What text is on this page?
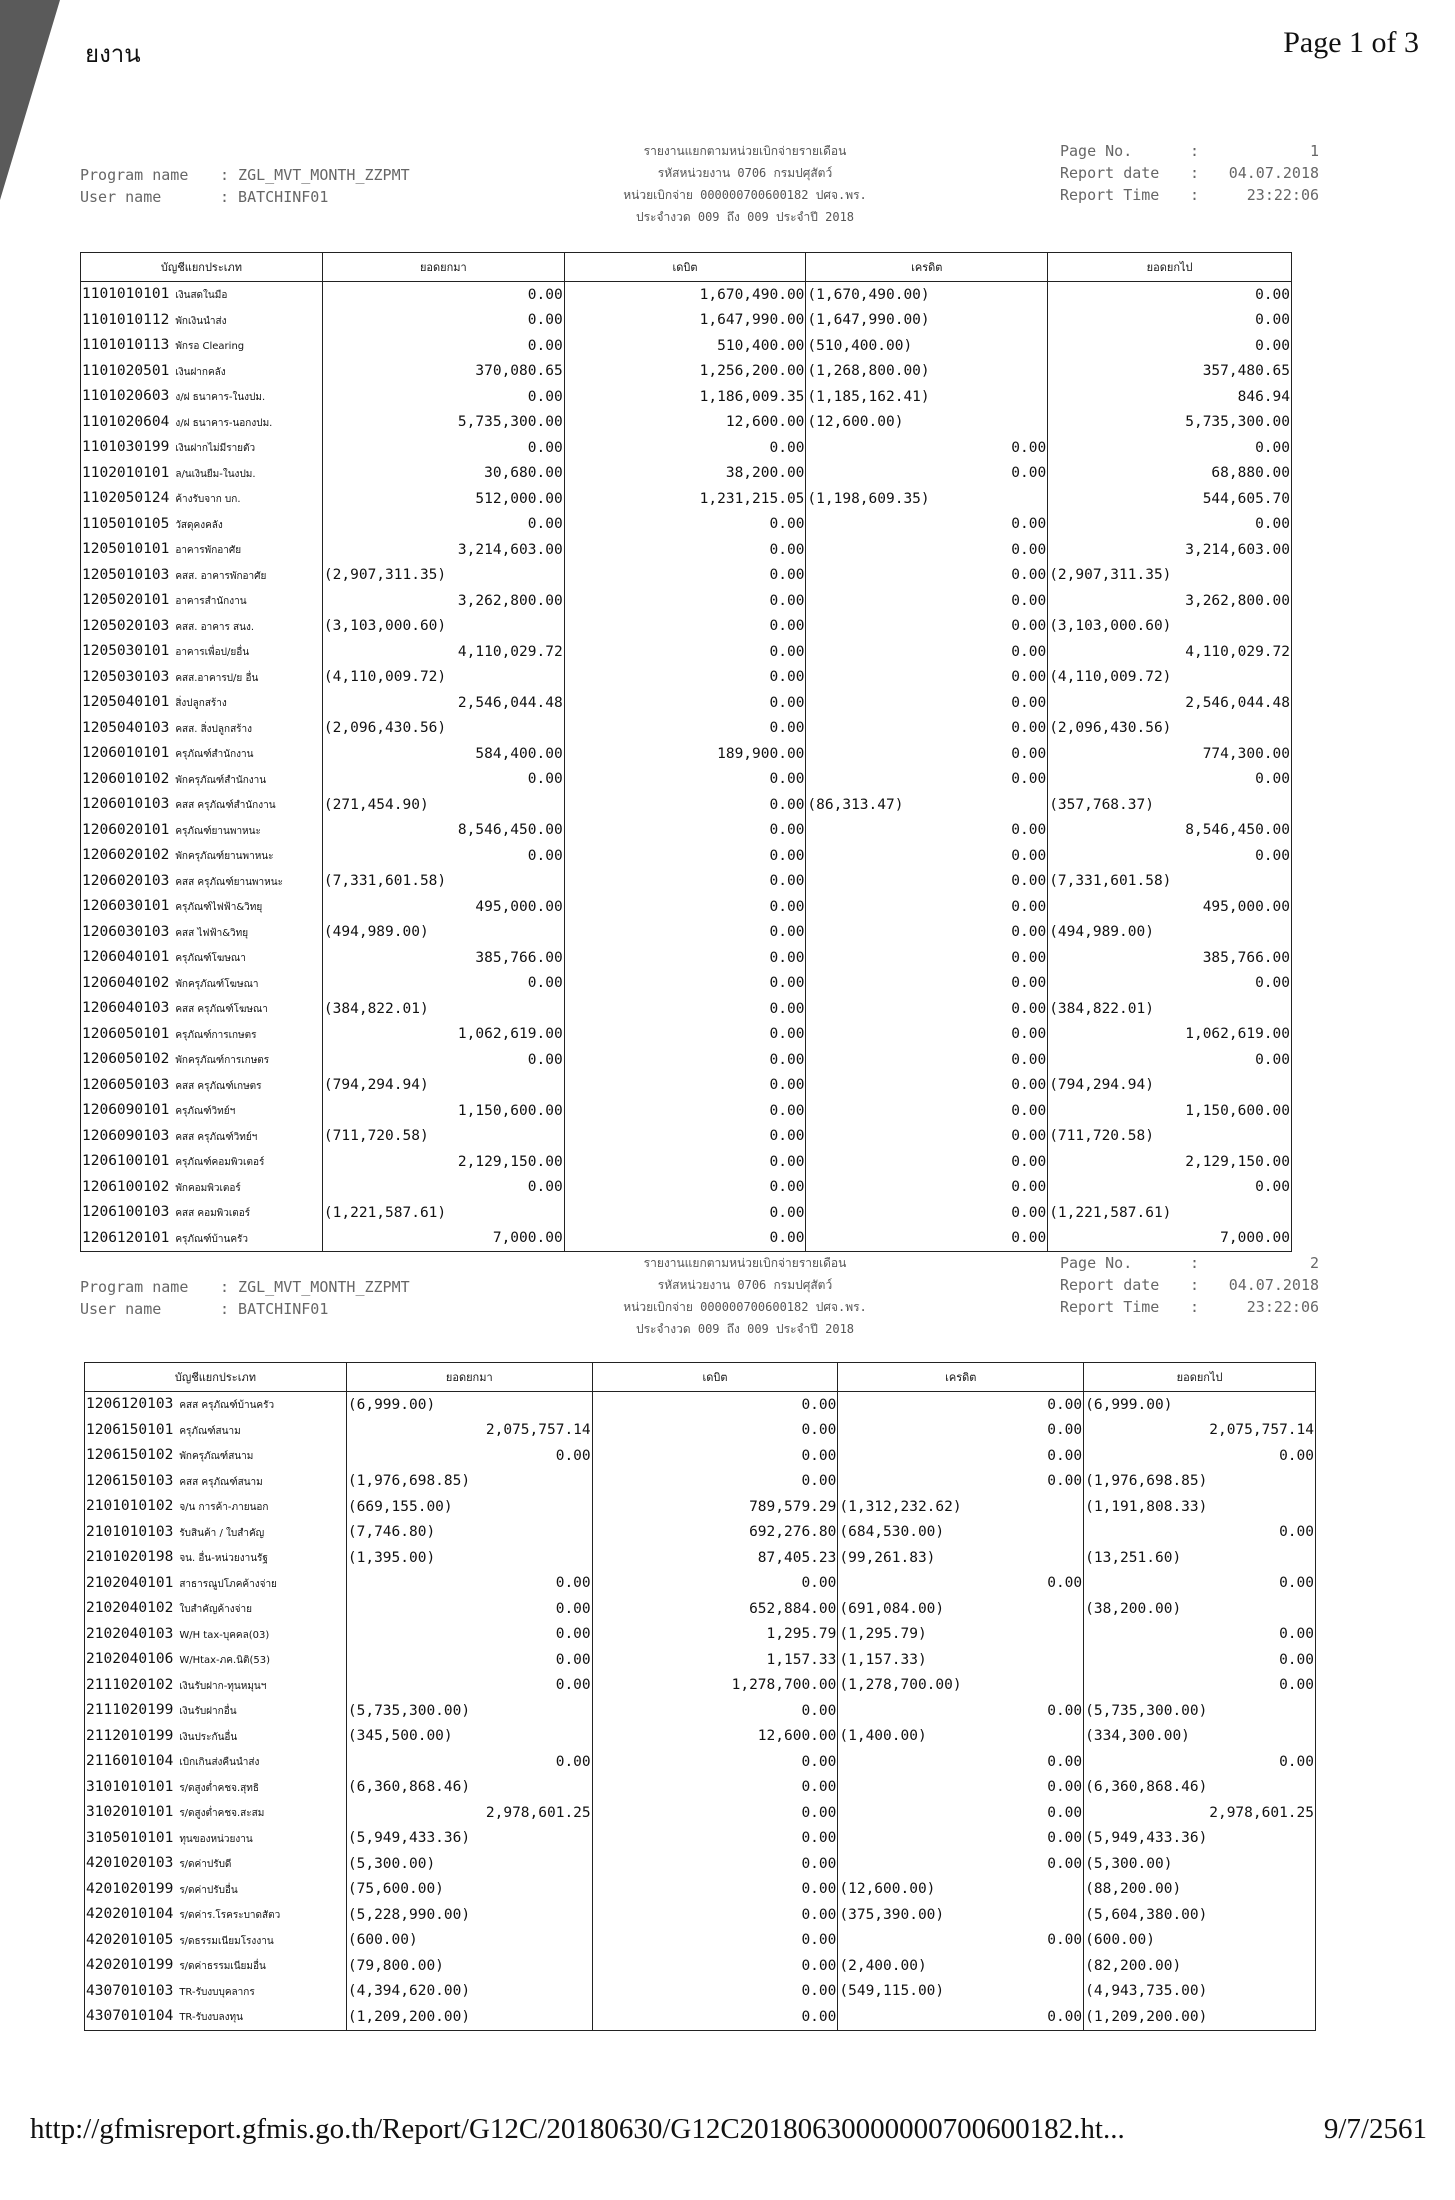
ยงาน	Page 1 of 3
Program name : ZGL_MVT_MONTH_ZZPMT
User name	: BATCHINF01
รายงานแยกตามหน่วยเบิกจ่ายรายเดือน
รหัสหน่วยงาน 0706 กรมปศุสัตว์
หน่วยเบิกจ่าย 000000700600182 ปศจ.พร.
ประจำงวด 009 ถึง 009 ประจำปี 2018
Page No.	:	1
Report date : 04.07.2018
Report Time :	23:22:06
บัญชีแยกประเภท	ยอดยกมา	เดบิต	เครดิต	ยอดยกไป
1101010101 เงินสดในมือ	0.00	1,670,490.00	(1,670,490.00)	0.00
1101010112 พักเงินนำส่ง	0.00	1,647,990.00	(1,647,990.00)	0.00
1101010113 พักรอ Clearing	0.00	510,400.00	(510,400.00)	0.00
1101020501 เงินฝากคลัง	370,080.65	1,256,200.00	(1,268,800.00)	357,480.65
1101020603 ง/ฝ ธนาคาร-ในงปม.	0.00	1,186,009.35	(1,185,162.41)	846.94
1101020604 ง/ฝ ธนาคาร-นอกงปม.	5,735,300.00	12,600.00	(12,600.00)	5,735,300.00
1101030199 เงินฝากไม่มีรายตัว	0.00	0.00	0.00	0.00
1102010101 ล/นเงินยืม-ในงปม.	30,680.00	38,200.00	0.00	68,880.00
1102050124 ค้างรับจาก บก.	512,000.00	1,231,215.05	(1,198,609.35)	544,605.70
1105010105 วัสดุคงคลัง	0.00	0.00	0.00	0.00
1205010101 อาคารพักอาศัย	3,214,603.00	0.00	0.00	3,214,603.00
1205010103 คสส. อาคารพักอาศัย	(2,907,311.35)	0.00	0.00	(2,907,311.35)
1205020101 อาคารสำนักงาน	3,262,800.00	0.00	0.00	3,262,800.00
1205020103 คสส. อาคาร สนง.	(3,103,000.60)	0.00	0.00	(3,103,000.60)
1205030101 อาคารเพื่อป/ยอื่น	4,110,029.72	0.00	0.00	4,110,029.72
1205030103 คสส.อาคารป/ย อื่น	(4,110,009.72)	0.00	0.00	(4,110,009.72)
1205040101 สิ่งปลูกสร้าง	2,546,044.48	0.00	0.00	2,546,044.48
1205040103 คสส. สิ่งปลูกสร้าง	(2,096,430.56)	0.00	0.00	(2,096,430.56)
1206010101 ครุภัณฑ์สำนักงาน	584,400.00	189,900.00	0.00	774,300.00
1206010102 พักครุภัณฑ์สำนักงาน	0.00	0.00	0.00	0.00
1206010103 คสส ครุภัณฑ์สำนักงาน	(271,454.90)	0.00	(86,313.47)	(357,768.37)
1206020101 ครุภัณฑ์ยานพาหนะ	8,546,450.00	0.00	0.00	8,546,450.00
1206020102 พักครุภัณฑ์ยานพาหนะ	0.00	0.00	0.00	0.00
1206020103 คสส ครุภัณฑ์ยานพาหนะ	(7,331,601.58)	0.00	0.00	(7,331,601.58)
1206030101 ครุภัณฑ์ไฟฟ้า&วิทยุ	495,000.00	0.00	0.00	495,000.00
1206030103 คสส ไฟฟ้า&วิทยุ	(494,989.00)	0.00	0.00	(494,989.00)
1206040101 ครุภัณฑ์โฆษณา	385,766.00	0.00	0.00	385,766.00
1206040102 พักครุภัณฑ์โฆษณา	0.00	0.00	0.00	0.00
1206040103 คสส ครุภัณฑ์โฆษณา	(384,822.01)	0.00	0.00	(384,822.01)
1206050101 ครุภัณฑ์การเกษตร	1,062,619.00	0.00	0.00	1,062,619.00
1206050102 พักครุภัณฑ์การเกษตร	0.00	0.00	0.00	0.00
1206050103 คสส ครุภัณฑ์เกษตร	(794,294.94)	0.00	0.00	(794,294.94)
1206090101 ครุภัณฑ์วิทย์ฯ	1,150,600.00	0.00	0.00	1,150,600.00
1206090103 คสส ครุภัณฑ์วิทย์ฯ	(711,720.58)	0.00	0.00	(711,720.58)
1206100101 ครุภัณฑ์คอมพิวเตอร์	2,129,150.00	0.00	0.00	2,129,150.00
1206100102 พักคอมพิวเตอร์	0.00	0.00	0.00	0.00
1206100103 คสส คอมพิวเตอร์	(1,221,587.61)	0.00	0.00	(1,221,587.61)
1206120101 ครุภัณฑ์บ้านครัว	7,000.00	0.00	0.00	7,000.00
Program name : ZGL_MVT_MONTH_ZZPMT
User name	: BATCHINF01
รายงานแยกตามหน่วยเบิกจ่ายรายเดือน
รหัสหน่วยงาน 0706 กรมปศุสัตว์
หน่วยเบิกจ่าย 000000700600182 ปศจ.พร.
ประจำงวด 009 ถึง 009 ประจำปี 2018
Page No.	:	2
Report date : 04.07.2018
Report Time :	23:22:06
บัญชีแยกประเภท	ยอดยกมา	เดบิต	เครดิต	ยอดยกไป
1206120103 คสส ครุภัณฑ์บ้านครัว	(6,999.00)	0.00	0.00	(6,999.00)
1206150101 ครุภัณฑ์สนาม	2,075,757.14	0.00	0.00	2,075,757.14
1206150102 พักครุภัณฑ์สนาม	0.00	0.00	0.00	0.00
1206150103 คสส ครุภัณฑ์สนาม	(1,976,698.85)	0.00	0.00	(1,976,698.85)
2101010102 จ/น การค้า-ภายนอก	(669,155.00)	789,579.29	(1,312,232.62)	(1,191,808.33)
2101010103 รับสินค้า / ใบสำคัญ	(7,746.80)	692,276.80	(684,530.00)	0.00
2101020198 จน. อื่น-หน่วยงานรัฐ	(1,395.00)	87,405.23	(99,261.83)	(13,251.60)
2102040101 สาธารณูปโภคค้างจ่าย	0.00	0.00	0.00	0.00
2102040102 ใบสำคัญค้างจ่าย	0.00	652,884.00	(691,084.00)	(38,200.00)
2102040103 W/H tax-บุคคล(03)	0.00	1,295.79	(1,295.79)	0.00
2102040106 W/Htax-ภค.นิติ(53)	0.00	1,157.33	(1,157.33)	0.00
2111020102 เงินรับฝาก-ทุนหมุนฯ	0.00	1,278,700.00	(1,278,700.00)	0.00
2111020199 เงินรับฝากอื่น	(5,735,300.00)	0.00	0.00	(5,735,300.00)
2112010199 เงินประกันอื่น	(345,500.00)	12,600.00	(1,400.00)	(334,300.00)
2116010104 เบิกเกินส่งคืนนำส่ง	0.00	0.00	0.00	0.00
3101010101 ร/ดสูงต่ำคชจ.สุทธิ	(6,360,868.46)	0.00	0.00	(6,360,868.46)
3102010101 ร/ดสูงต่ำคชจ.สะสม	2,978,601.25	0.00	0.00	2,978,601.25
3105010101 ทุนของหน่วยงาน	(5,949,433.36)	0.00	0.00	(5,949,433.36)
4201020103 ร/ดค่าปรับดี	(5,300.00)	0.00	0.00	(5,300.00)
4201020199 ร/ดค่าปรับอื่น	(75,600.00)	0.00	(12,600.00)	(88,200.00)
4202010104 ร/ดค่าร.โรคระบาดสัตว	(5,228,990.00)	0.00	(375,390.00)	(5,604,380.00)
4202010105 ร/ดธรรมเนียมโรงงาน	(600.00)	0.00	0.00	(600.00)
4202010199 ร/ดค่าธรรมเนียมอื่น	(79,800.00)	0.00	(2,400.00)	(82,200.00)
4307010103 TR-รับงบบุคลากร	(4,394,620.00)	0.00	(549,115.00)	(4,943,735.00)
4307010104 TR-รับงบลงทุน	(1,209,200.00)	0.00	0.00	(1,209,200.00)
http://gfmisreport.gfmis.go.th/Report/G12C/20180630/G12C20180630000000700600182.ht...	9/7/2561
